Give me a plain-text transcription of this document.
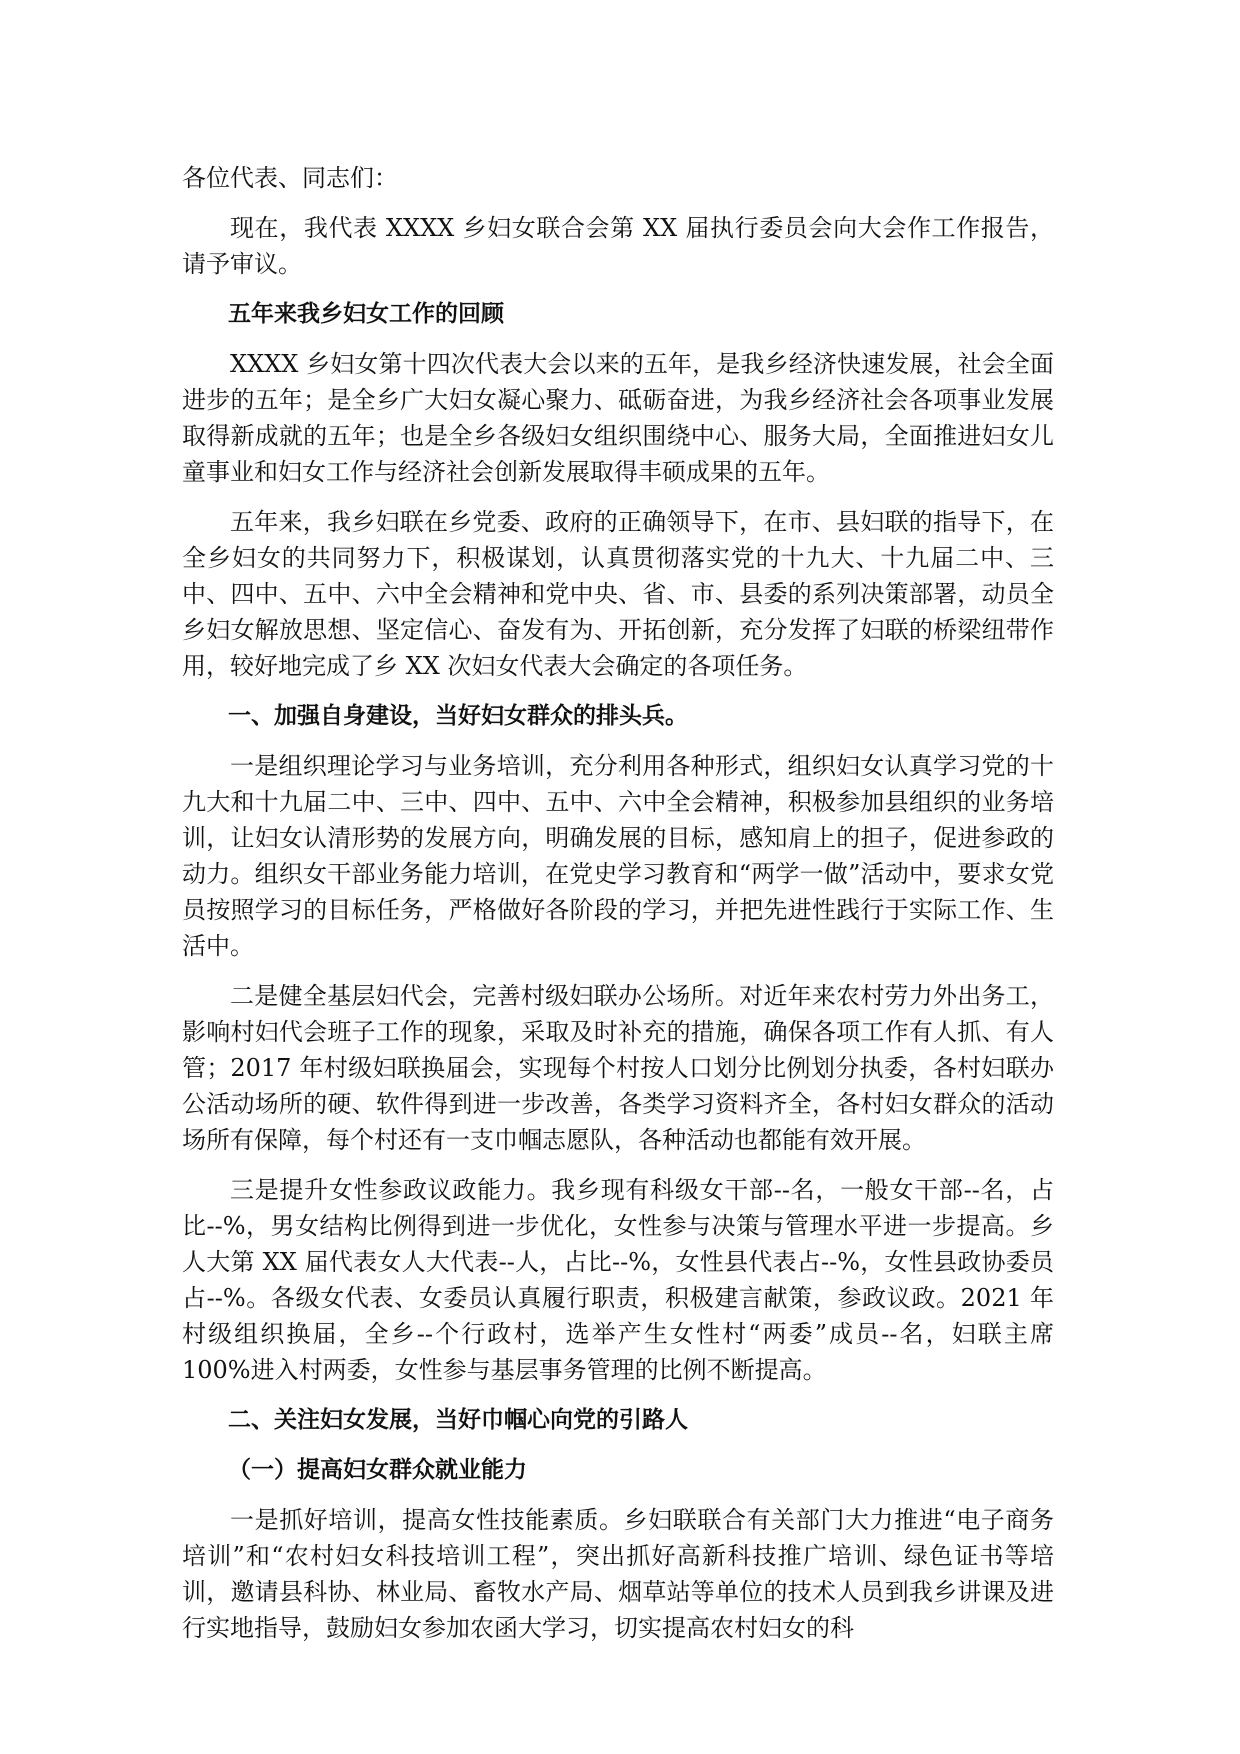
各位代表、同志们：

现在，我代表 XXXX 乡妇女联合会第 XX 届执行委员会向大会作工作报告，请予审议。

五年来我乡妇女工作的回顾

XXXX 乡妇女第十四次代表大会以来的五年，是我乡经济快速发展，社会全面进步的五年；是全乡广大妇女凝心聚力、砥砺奋进，为我乡经济社会各项事业发展取得新成就的五年；也是全乡各级妇女组织围绕中心、服务大局，全面推进妇女儿童事业和妇女工作与经济社会创新发展取得丰硕成果的五年。

五年来，我乡妇联在乡党委、政府的正确领导下，在市、县妇联的指导下，在全乡妇女的共同努力下，积极谋划，认真贯彻落实党的十九大、十九届二中、三中、四中、五中、六中全会精神和党中央、省、市、县委的系列决策部署，动员全乡妇女解放思想、坚定信心、奋发有为、开拓创新，充分发挥了妇联的桥梁纽带作用，较好地完成了乡 XX 次妇女代表大会确定的各项任务。

一、加强自身建设，当好妇女群众的排头兵。

一是组织理论学习与业务培训，充分利用各种形式，组织妇女认真学习党的十九大和十九届二中、三中、四中、五中、六中全会精神，积极参加县组织的业务培训，让妇女认清形势的发展方向，明确发展的目标，感知肩上的担子，促进参政的动力。组织女干部业务能力培训，在党史学习教育和“两学一做”活动中，要求女党员按照学习的目标任务，严格做好各阶段的学习，并把先进性践行于实际工作、生活中。

二是健全基层妇代会，完善村级妇联办公场所。对近年来农村劳力外出务工，影响村妇代会班子工作的现象，采取及时补充的措施，确保各项工作有人抓、有人管；2017 年村级妇联换届会，实现每个村按人口划分比例划分执委，各村妇联办公活动场所的硬、软件得到进一步改善，各类学习资料齐全，各村妇女群众的活动场所有保障，每个村还有一支巾帼志愿队，各种活动也都能有效开展。

三是提升女性参政议政能力。我乡现有科级女干部--名，一般女干部--名，占比--%，男女结构比例得到进一步优化，女性参与决策与管理水平进一步提高。乡人大第 XX 届代表女人大代表--人，占比--%，女性县代表占--%，女性县政协委员占--%。各级女代表、女委员认真履行职责，积极建言献策，参政议政。2021 年村级组织换届，全乡--个行政村，选举产生女性村“两委”成员--名，妇联主席 100%进入村两委，女性参与基层事务管理的比例不断提高。

二、关注妇女发展，当好巾帼心向党的引路人

（一）提高妇女群众就业能力

一是抓好培训，提高女性技能素质。乡妇联联合有关部门大力推进“电子商务培训”和“农村妇女科技培训工程”，突出抓好高新科技推广培训、绿色证书等培训，邀请县科协、林业局、畜牧水产局、烟草站等单位的技术人员到我乡讲课及进行实地指导，鼓励妇女参加农函大学习，切实提高农村妇女的科
